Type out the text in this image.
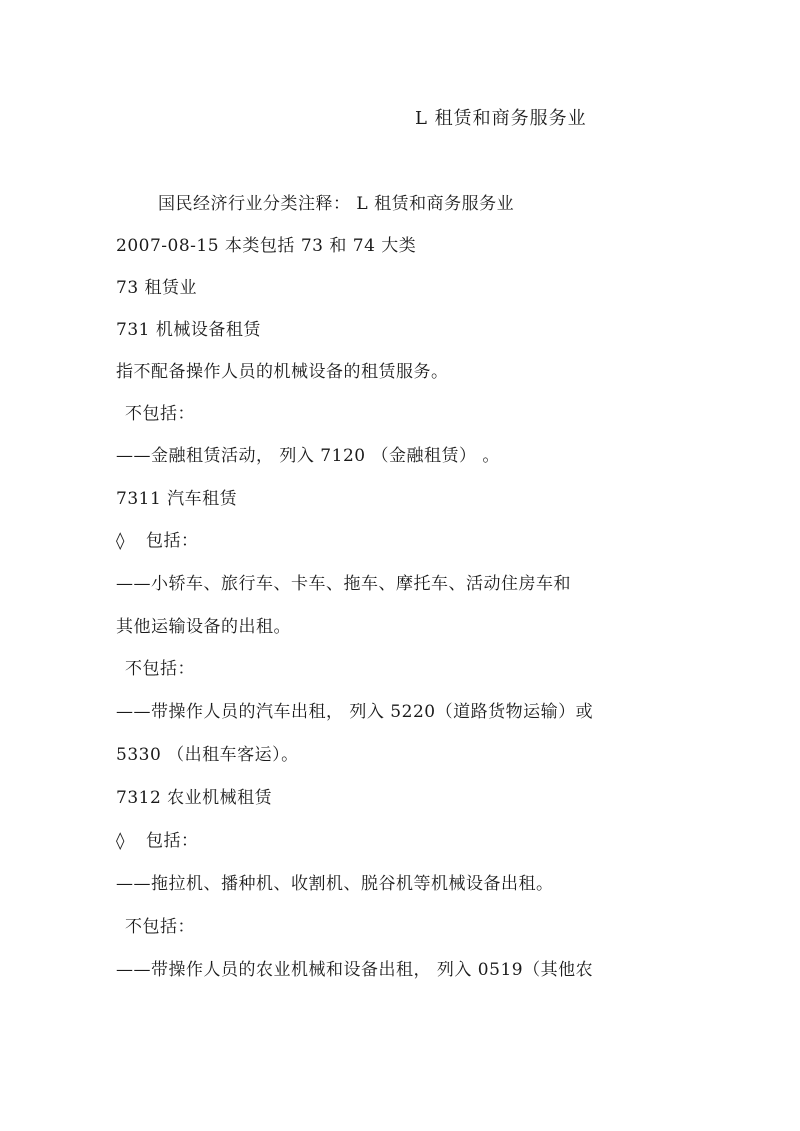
L 租赁和商务服务业
国民经济行业分类注释： L 租赁和商务服务业
2007-08-15 本类包括 73 和 74 大类
73 租赁业
731 机械设备租赁
指不配备操作人员的机械设备的租赁服务。
不包括：
——金融租赁活动， 列入 7120 （金融租赁） 。
7311 汽车租赁
◊ 包括：
——小轿车、旅行车、卡车、拖车、摩托车、活动住房车和
其他运输设备的出租。
不包括：
——带操作人员的汽车出租， 列入 5220（道路货物运输）或
5330 （出租车客运）。
7312 农业机械租赁
◊ 包括：
——拖拉机、播种机、收割机、脱谷机等机械设备出租。
不包括：
——带操作人员的农业机械和设备出租， 列入 0519（其他农
